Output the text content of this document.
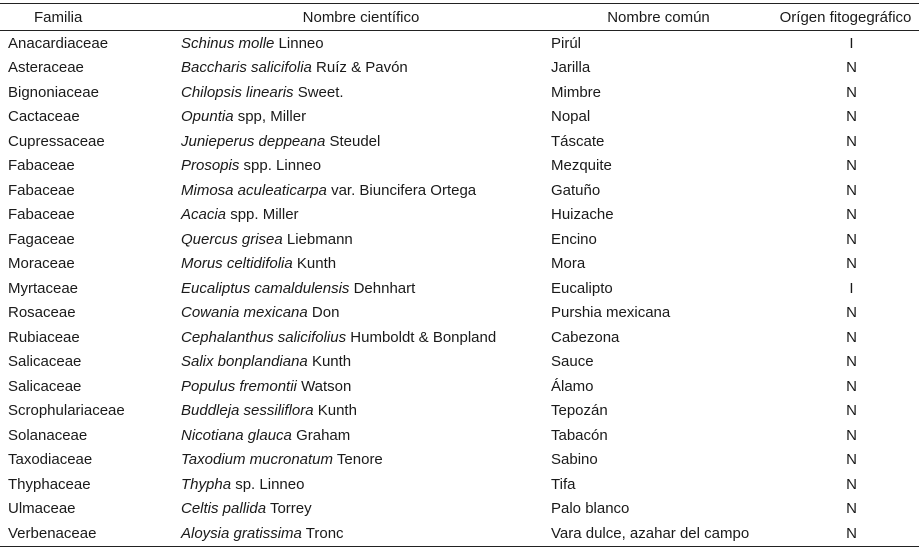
Familia	Nombre científico	Nombre común	Orígen fitogegráfico
Anacardiaceae	Schinus molle Linneo	Pirúl	I
Asteraceae	Baccharis salicifolia Ruíz & Pavón	Jarilla	N
Bignoniaceae	Chilopsis linearis Sweet.	Mimbre	N
Cactaceae	Opuntia spp, Miller	Nopal	N
Cupressaceae	Junieperus deppeana Steudel	Táscate	N
Fabaceae	Prosopis spp. Linneo	Mezquite	N
Fabaceae	Mimosa aculeaticarpa var. Biuncifera Ortega	Gatuño	N
Fabaceae	Acacia spp. Miller	Huizache	N
Fagaceae	Quercus grisea Liebmann	Encino	N
Moraceae	Morus celtidifolia Kunth	Mora	N
Myrtaceae	Eucaliptus camaldulensis Dehnhart	Eucalipto	I
Rosaceae	Cowania mexicana Don	Purshia mexicana	N
Rubiaceae	Cephalanthus salicifolius Humboldt & Bonpland	Cabezona	N
Salicaceae	Salix bonplandiana Kunth	Sauce	N
Salicaceae	Populus fremontii Watson	Álamo	N
Scrophulariaceae	Buddleja sessiliflora Kunth	Tepozán	N
Solanaceae	Nicotiana glauca Graham	Tabacón	N
Taxodiaceae	Taxodium mucronatum Tenore	Sabino	N
Thyphaceae	Thypha sp. Linneo	Tifa	N
Ulmaceae	Celtis pallida Torrey	Palo blanco	N
Verbenaceae	Aloysia gratissima Tronc	Vara dulce, azahar del campo	N
